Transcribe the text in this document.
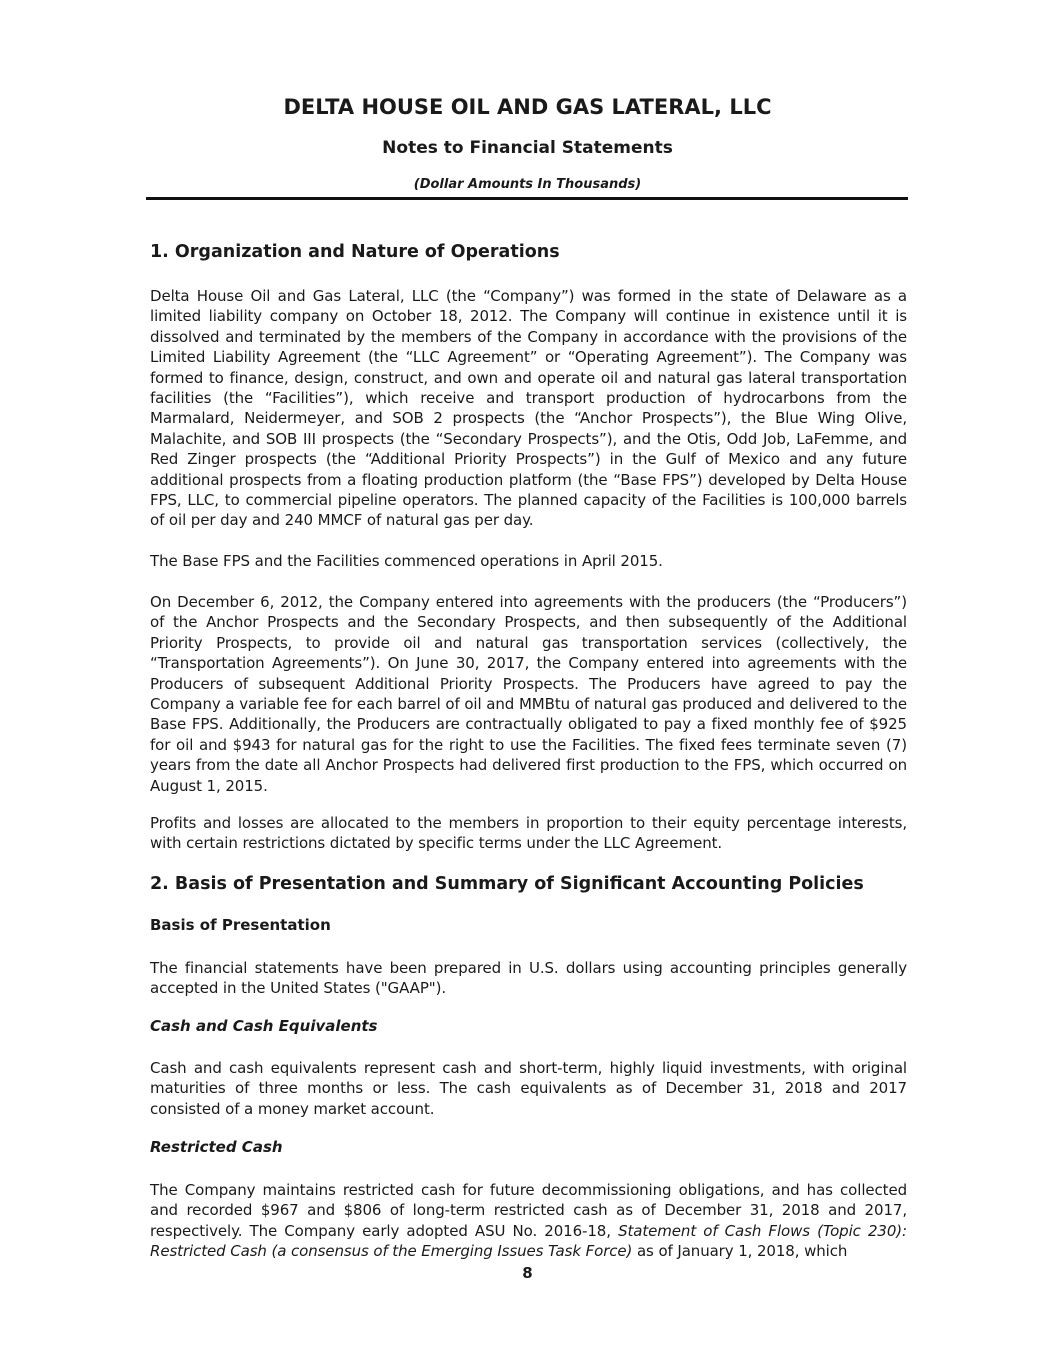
DELTA HOUSE OIL AND GAS LATERAL, LLC
Notes to Financial Statements
(Dollar Amounts In Thousands)
1. Organization and Nature of Operations

Delta House Oil and Gas Lateral, LLC (the “Company”) was formed in the state of Delaware as a limited liability company on October 18, 2012. The Company will continue in existence until it is dissolved and terminated by the members of the Company in accordance with the provisions of the Limited Liability Agreement (the “LLC Agreement” or “Operating Agreement”). The Company was formed to finance, design, construct, and own and operate oil and natural gas lateral transportation facilities (the “Facilities”), which receive and transport production of hydrocarbons from the Marmalard, Neidermeyer, and SOB 2 prospects (the “Anchor Prospects”), the Blue Wing Olive, Malachite, and SOB III prospects (the “Secondary Prospects”), and the Otis, Odd Job, LaFemme, and Red Zinger prospects (the “Additional Priority Prospects”) in the Gulf of Mexico and any future additional prospects from a floating production platform (the “Base FPS”) developed by Delta House FPS, LLC, to commercial pipeline operators. The planned capacity of the Facilities is 100,000 barrels of oil per day and 240 MMCF of natural gas per day.

The Base FPS and the Facilities commenced operations in April 2015.

On December 6, 2012, the Company entered into agreements with the producers (the “Producers”) of the Anchor Prospects and the Secondary Prospects, and then subsequently of the Additional Priority Prospects, to provide oil and natural gas transportation services (collectively, the “Transportation Agreements”). On June 30, 2017, the Company entered into agreements with the Producers of subsequent Additional Priority Prospects. The Producers have agreed to pay the Company a variable fee for each barrel of oil and MMBtu of natural gas produced and delivered to the Base FPS. Additionally, the Producers are contractually obligated to pay a fixed monthly fee of $925 for oil and $943 for natural gas for the right to use the Facilities. The fixed fees terminate seven (7) years from the date all Anchor Prospects had delivered first production to the FPS, which occurred on August 1, 2015.

Profits and losses are allocated to the members in proportion to their equity percentage interests, with certain restrictions dictated by specific terms under the LLC Agreement.

2. Basis of Presentation and Summary of Significant Accounting Policies
Basis of Presentation

The financial statements have been prepared in U.S. dollars using accounting principles generally accepted in the United States ("GAAP").

Cash and Cash Equivalents

Cash and cash equivalents represent cash and short-term, highly liquid investments, with original maturities of three months or less. The cash equivalents as of December 31, 2018 and 2017 consisted of a money market account.

Restricted Cash

The Company maintains restricted cash for future decommissioning obligations, and has collected and recorded $967 and $806 of long-term restricted cash as of December 31, 2018 and 2017, respectively. The Company early adopted ASU No. 2016-18, Statement of Cash Flows (Topic 230): Restricted Cash (a consensus of the Emerging Issues Task Force) as of January 1, 2018, which

8
